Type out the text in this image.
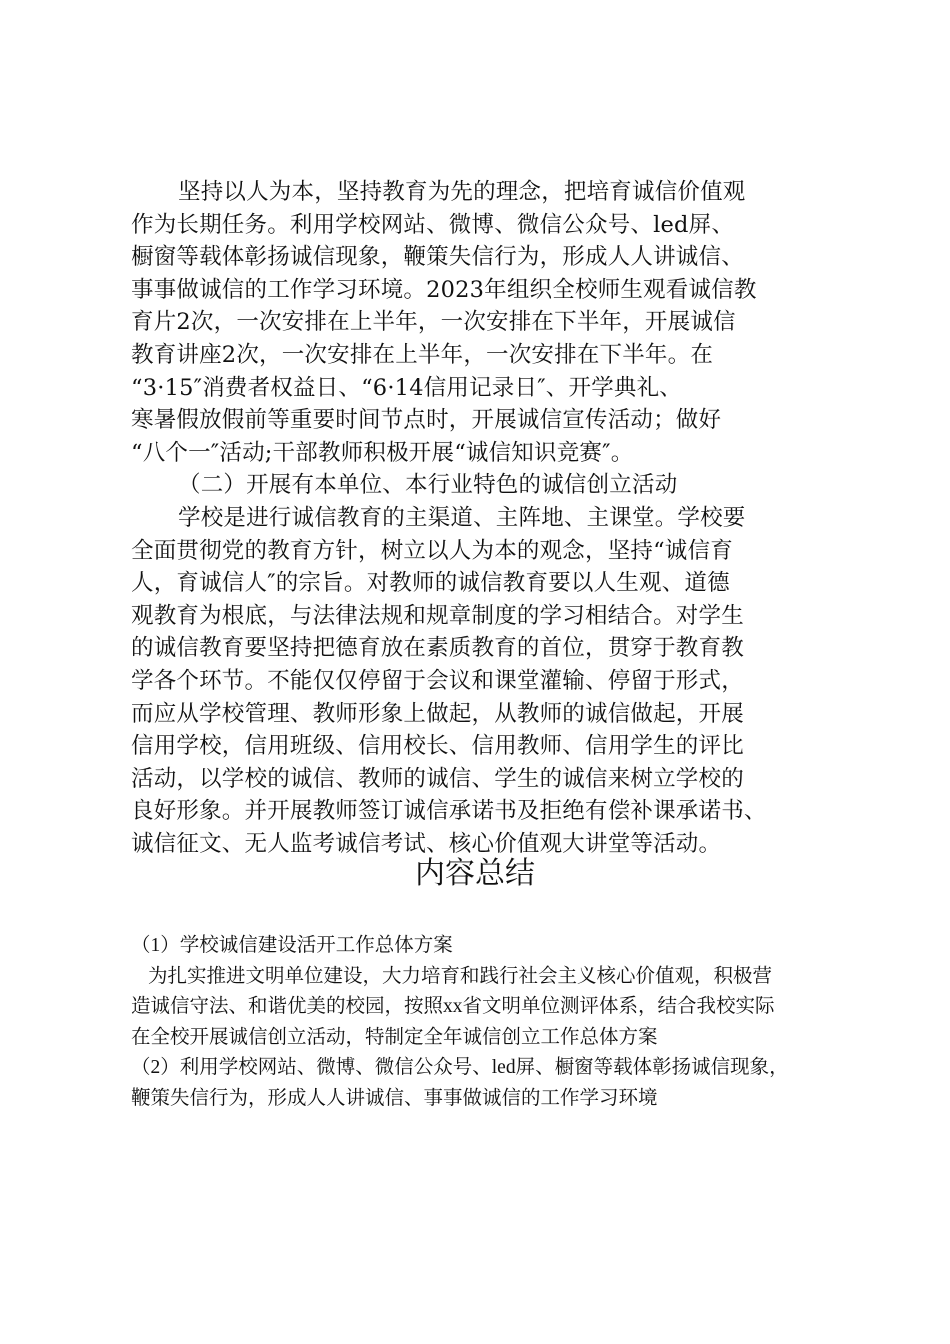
坚持以人为本，坚持教育为先的理念，把培育诚信价值观
作为长期任务。利用学校网站、微博、微信公众号、led屏、
橱窗等载体彰扬诚信现象，鞭策失信行为，形成人人讲诚信、
事事做诚信的工作学习环境。2023年组织全校师生观看诚信教
育片2次，一次安排在上半年，一次安排在下半年，开展诚信
教育讲座2次，一次安排在上半年，一次安排在下半年。在
“3·15″消费者权益日、“6·14信用记录日″、开学典礼、
寒暑假放假前等重要时间节点时，开展诚信宣传活动；做好
“八个一″活动;干部教师积极开展“诚信知识竞赛″。
（二）开展有本单位、本行业特色的诚信创立活动
学校是进行诚信教育的主渠道、主阵地、主课堂。学校要
全面贯彻党的教育方针，树立以人为本的观念，坚持“诚信育
人，育诚信人″的宗旨。对教师的诚信教育要以人生观、道德
观教育为根底，与法律法规和规章制度的学习相结合。对学生
的诚信教育要坚持把德育放在素质教育的首位，贯穿于教育教
学各个环节。不能仅仅停留于会议和课堂灌输、停留于形式，
而应从学校管理、教师形象上做起，从教师的诚信做起，开展
信用学校，信用班级、信用校长、信用教师、信用学生的评比
活动，以学校的诚信、教师的诚信、学生的诚信来树立学校的
良好形象。并开展教师签订诚信承诺书及拒绝有偿补课承诺书、
诚信征文、无人监考诚信考试、核心价值观大讲堂等活动。
内容总结
（1）学校诚信建设活开工作总体方案
为扎实推进文明单位建设，大力培育和践行社会主义核心价值观，积极营
造诚信守法、和谐优美的校园，按照xx省文明单位测评体系，结合我校实际
在全校开展诚信创立活动，特制定全年诚信创立工作总体方案
（2）利用学校网站、微博、微信公众号、led屏、橱窗等载体彰扬诚信现象，
鞭策失信行为，形成人人讲诚信、事事做诚信的工作学习环境
